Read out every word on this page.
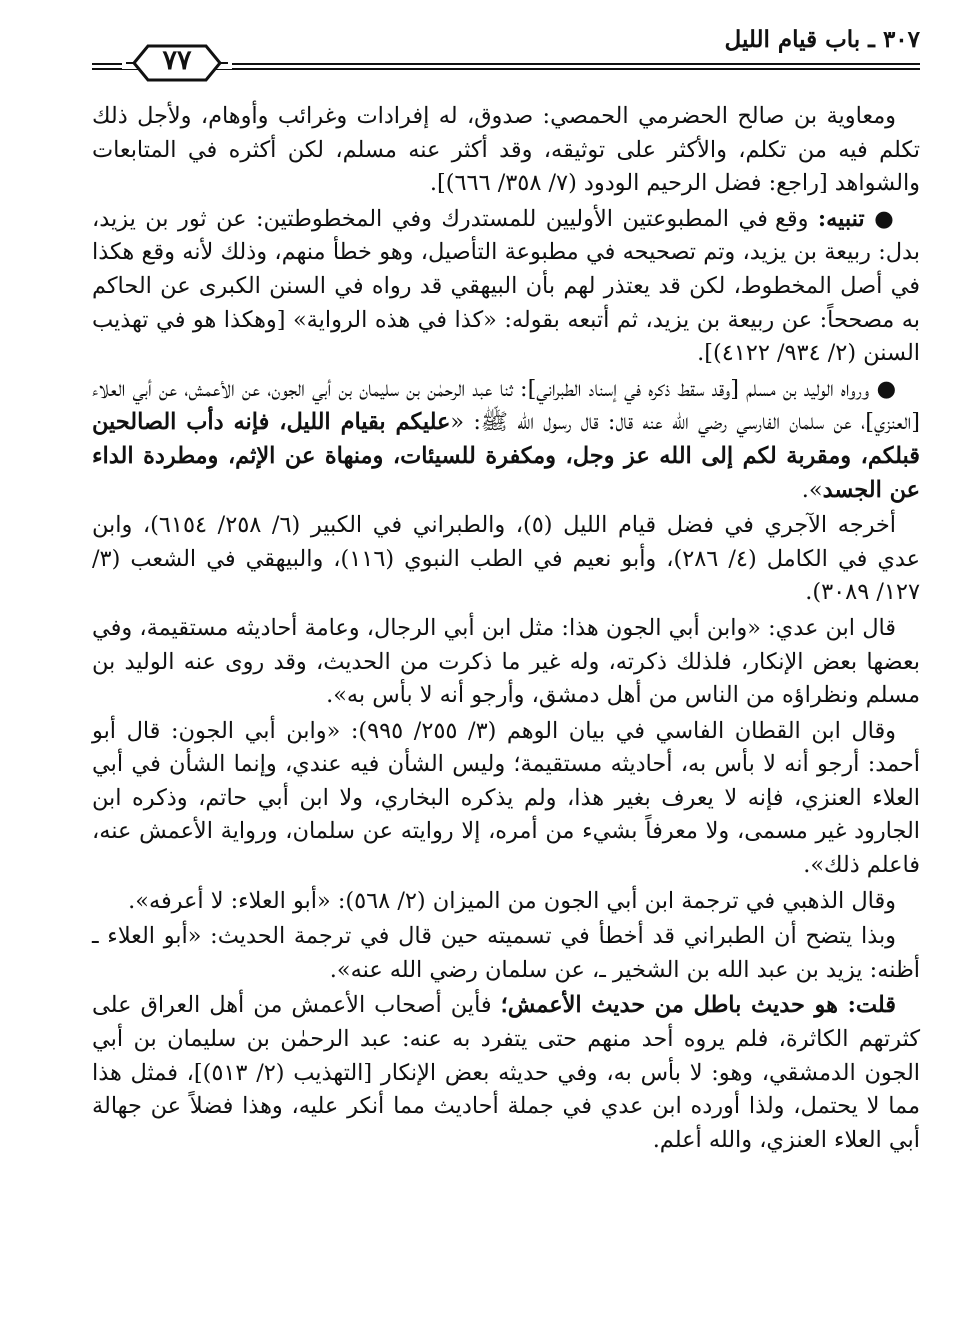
٣٠٧ ـ باب قيام الليل
٧٧

ومعاوية بن صالح الحضرمي الحمصي: صدوق، له إفرادات وغرائب وأوهام، ولأجل ذلك تكلم فيه من تكلم، والأكثر على توثيقه، وقد أكثر عنه مسلم، لكن أكثره في المتابعات والشواهد [راجع: فضل الرحيم الودود (٧/ ٣٥٨/ ٦٦٦)].

● تنبيه: وقع في المطبوعتين الأوليين للمستدرك وفي المخطوطتين: عن ثور بن يزيد، بدل: ربيعة بن يزيد، وتم تصحيحه في مطبوعة التأصيل، وهو خطأ منهم، وذلك لأنه وقع هكذا في أصل المخطوط، لكن قد يعتذر لهم بأن البيهقي قد رواه في السنن الكبرى عن الحاكم به مصححاً: عن ربيعة بن يزيد، ثم أتبعه بقوله: «كذا في هذه الرواية» [وهكذا هو في تهذيب السنن (٢/ ٩٣٤/ ٤١٢٢)].

● ورواه الوليد بن مسلم [وقد سقط ذكره في إسناد الطبراني]: ثنا عبد الرحمٰن بن سليمان بن أبي الجون، عن الأعمش، عن أبي العلاء [العنزي]، عن سلمان الفارسي رضي الله عنه قال: قال رسول الله ﷺ: «عليكم بقيام الليل، فإنه دأب الصالحين قبلكم، ومقربة لكم إلى الله عز وجل، ومكفرة للسيئات، ومنهاة عن الإثم، ومطردة الداء عن الجسد».

أخرجه الآجري في فضل قيام الليل (٥)، والطبراني في الكبير (٦/ ٢٥٨/ ٦١٥٤)، وابن عدي في الكامل (٤/ ٢٨٦)، وأبو نعيم في الطب النبوي (١١٦)، والبيهقي في الشعب (٣/ ١٢٧/ ٣٠٨٩).

قال ابن عدي: «وابن أبي الجون هذا: مثل ابن أبي الرجال، وعامة أحاديثه مستقيمة، وفي بعضها بعض الإنكار، فلذلك ذكرته، وله غير ما ذكرت من الحديث، وقد روى عنه الوليد بن مسلم ونظراؤه من الناس من أهل دمشق، وأرجو أنه لا بأس به».

وقال ابن القطان الفاسي في بيان الوهم (٣/ ٢٥٥/ ٩٩٥): «وابن أبي الجون: قال أبو أحمد: أرجو أنه لا بأس به، أحاديثه مستقيمة؛ وليس الشأن فيه عندي، وإنما الشأن في أبي العلاء العنزي، فإنه لا يعرف بغير هذا، ولم يذكره البخاري، ولا ابن أبي حاتم، وذكره ابن الجارود غير مسمى، ولا معرفاً بشيء من أمره، إلا روايته عن سلمان، ورواية الأعمش عنه، فاعلم ذلك».

وقال الذهبي في ترجمة ابن أبي الجون من الميزان (٢/ ٥٦٨): «أبو العلاء: لا أعرفه».

وبذا يتضح أن الطبراني قد أخطأ في تسميته حين قال في ترجمة الحديث: «أبو العلاء ـ أظنه: يزيد بن عبد الله بن الشخير ـ، عن سلمان رضي الله عنه».

قلت: هو حديث باطل من حديث الأعمش؛ فأين أصحاب الأعمش من أهل العراق على كثرتهم الكاثرة، فلم يروه أحد منهم حتى يتفرد به عنه: عبد الرحمٰن بن سليمان بن أبي الجون الدمشقي، وهو: لا بأس به، وفي حديثه بعض الإنكار [التهذيب (٢/ ٥١٣)]، فمثل هذا مما لا يحتمل، ولذا أورده ابن عدي في جملة أحاديث مما أنكر عليه، وهذا فضلاً عن جهالة أبي العلاء العنزي، والله أعلم.
